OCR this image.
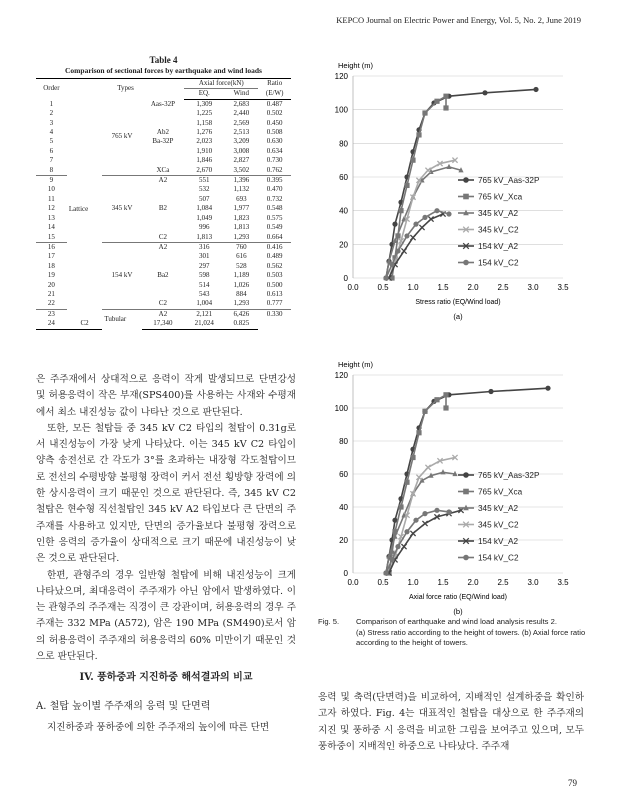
KEPCO Journal on Electric Power and Energy, Vol. 5, No. 2, June 2019
Table 4
Comparison of sectional forces by earthquake and wind loads
Order	Types			Axial force(kN)		Ratio
				EQ.	Wind	(E/W)
1	Lattice	765 kV	Aas-32P	1,309	2,683	0.487
2				1,225	2,440	0.502
3				1,158	2,569	0.450
4			Ab2	1,276	2,513	0.508
5			Ba-32P	2,023	3,209	0.630
6				1,910	3,008	0.634
7				1,846	2,827	0.730
8			XCa	2,670	3,502	0.762
9		345 kV	A2	551	1,396	0.395
10				532	1,132	0.470
11				507	693	0.732
12			B2	1,084	1,977	0.548
13				1,049	1,823	0.575
14				996	1,813	0.549
15			C2	1,813	1,293	0.664
16		154 kV	A2	316	760	0.416
17				301	616	0.489
18				297	528	0.562
19			Ba2	598	1,189	0.503
20				514	1,026	0.500
21				543	884	0.613
22			C2	1,004	1,293	0.777
23		Tubular	A2	2,121	6,426	0.330
24	C2		17,340	21,024	0.825	
Height (m)
0
20
40
60
80
100
120
0.0 0.5 1.0 1.5 2.0 2.5 3.0 3.5
Stress ratio (EQ/Wind load)
(a)
765 kV_Aas-32P
765 kV_Xca
345 kV_A2
345 kV_C2
154 kV_A2
154 kV_C2
Height (m)
0
20
40
60
80
100
120
0.0 0.5 1.0 1.5 2.0 2.5 3.0 3.5
Axial force ratio (EQ/Wind load)
(b)
765 kV_Aas-32P
765 kV_Xca
345 kV_A2
345 kV_C2
154 kV_A2
154 kV_C2
Fig. 5. Comparison of earthquake and wind load analysis results 2.
(a) Stress ratio according to the height of towers. (b) Axial force ratio according to the height of towers.

은 주주재에서 상대적으로 응력이 작게 발생되므로 단면강성 및 허용응력이 작은 부재(SPS400)를 사용하는 사재와 수평재에서 최소 내진성능 값이 나타난 것으로 판단된다.

또한, 모든 철탑들 중 345 kV C2 타입의 철탑이 0.31g로서 내진성능이 가장 낮게 나타났다. 이는 345 kV C2 타입이 양측 송전선로 간 각도가 3°를 초과하는 내장형 각도철탑이므로 전선의 수평방향 불평형 장력이 커서 전선 횡방향 장력에 의한 상시응력이 크기 때문인 것으로 판단된다. 즉, 345 kV C2 철탑은 현수형 직선철탑인 345 kV A2 타입보다 큰 단면의 주주재를 사용하고 있지만, 단면의 증가율보다 불평형 장력으로 인한 응력의 증가율이 상대적으로 크기 때문에 내진성능이 낮은 것으로 판단된다.

한편, 관형주의 경우 일반형 철탑에 비해 내진성능이 크게 나타났으며, 최대응력이 주주재가 아닌 암에서 발생하였다. 이는 관형주의 주주재는 직경이 큰 강관이며, 허용응력의 경우 주주재는 332 MPa (A572), 암은 190 MPa (SM490)로서 암의 허용응력이 주주재의 허용응력의 60% 미만이기 때문인 것으로 판단된다.

IV. 풍하중과 지진하중 해석결과의 비교
A. 철탑 높이별 주주재의 응력 및 단면력

지진하중과 풍하중에 의한 주주재의 높이에 따른 단면

응력 및 축력(단면력)을 비교하여, 지배적인 설계하중을 확인하고자 하였다. Fig. 4는 대표적인 철탑을 대상으로 한 주주재의 지진 및 풍하중 시 응력을 비교한 그림을 보여주고 있으며, 모두 풍하중이 지배적인 하중으로 나타났다. 주주재

79
